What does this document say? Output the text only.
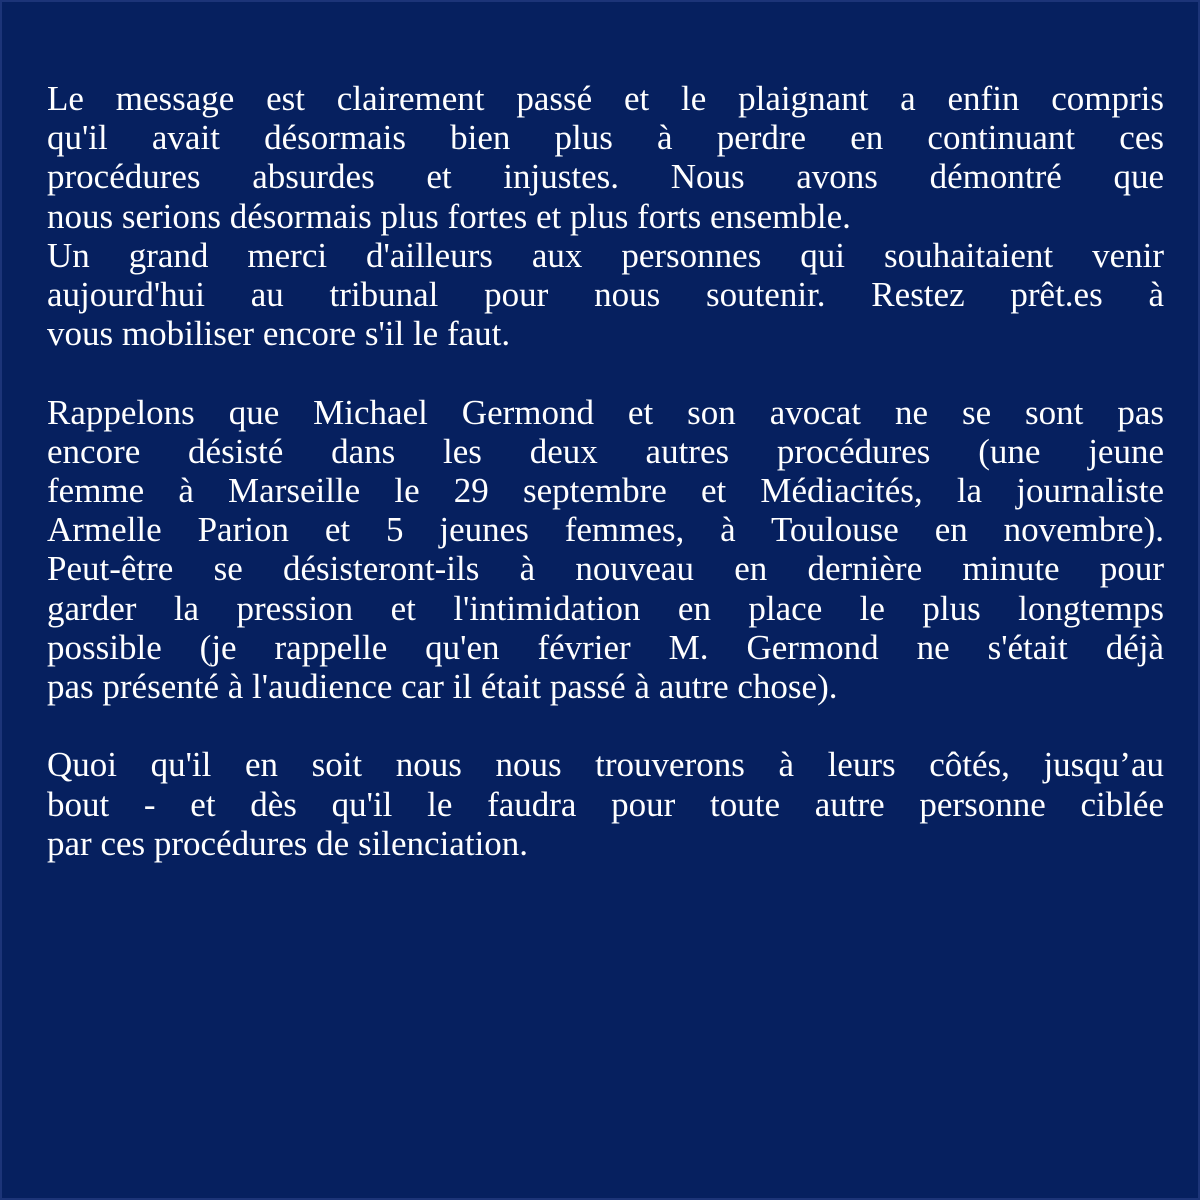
Le message est clairement passé et le plaignant a enfin compris
qu'il avait désormais bien plus à perdre en continuant ces
procédures absurdes et injustes. Nous avons démontré que
nous serions désormais plus fortes et plus forts ensemble.
Un grand merci d'ailleurs aux personnes qui souhaitaient venir
aujourd'hui au tribunal pour nous soutenir. Restez prêt.es à
vous mobiliser encore s'il le faut.

Rappelons que Michael Germond et son avocat ne se sont pas
encore désisté dans les deux autres procédures (une jeune
femme à Marseille le 29 septembre et Médiacités, la journaliste
Armelle Parion et 5 jeunes femmes, à Toulouse en novembre).
Peut-être se désisteront-ils à nouveau en dernière minute pour
garder la pression et l'intimidation en place le plus longtemps
possible (je rappelle qu'en février M. Germond ne s'était déjà
pas présenté à l'audience car il était passé à autre chose).

Quoi qu'il en soit nous nous trouverons à leurs côtés, jusqu’au
bout - et dès qu'il le faudra pour toute autre personne ciblée
par ces procédures de silenciation.
